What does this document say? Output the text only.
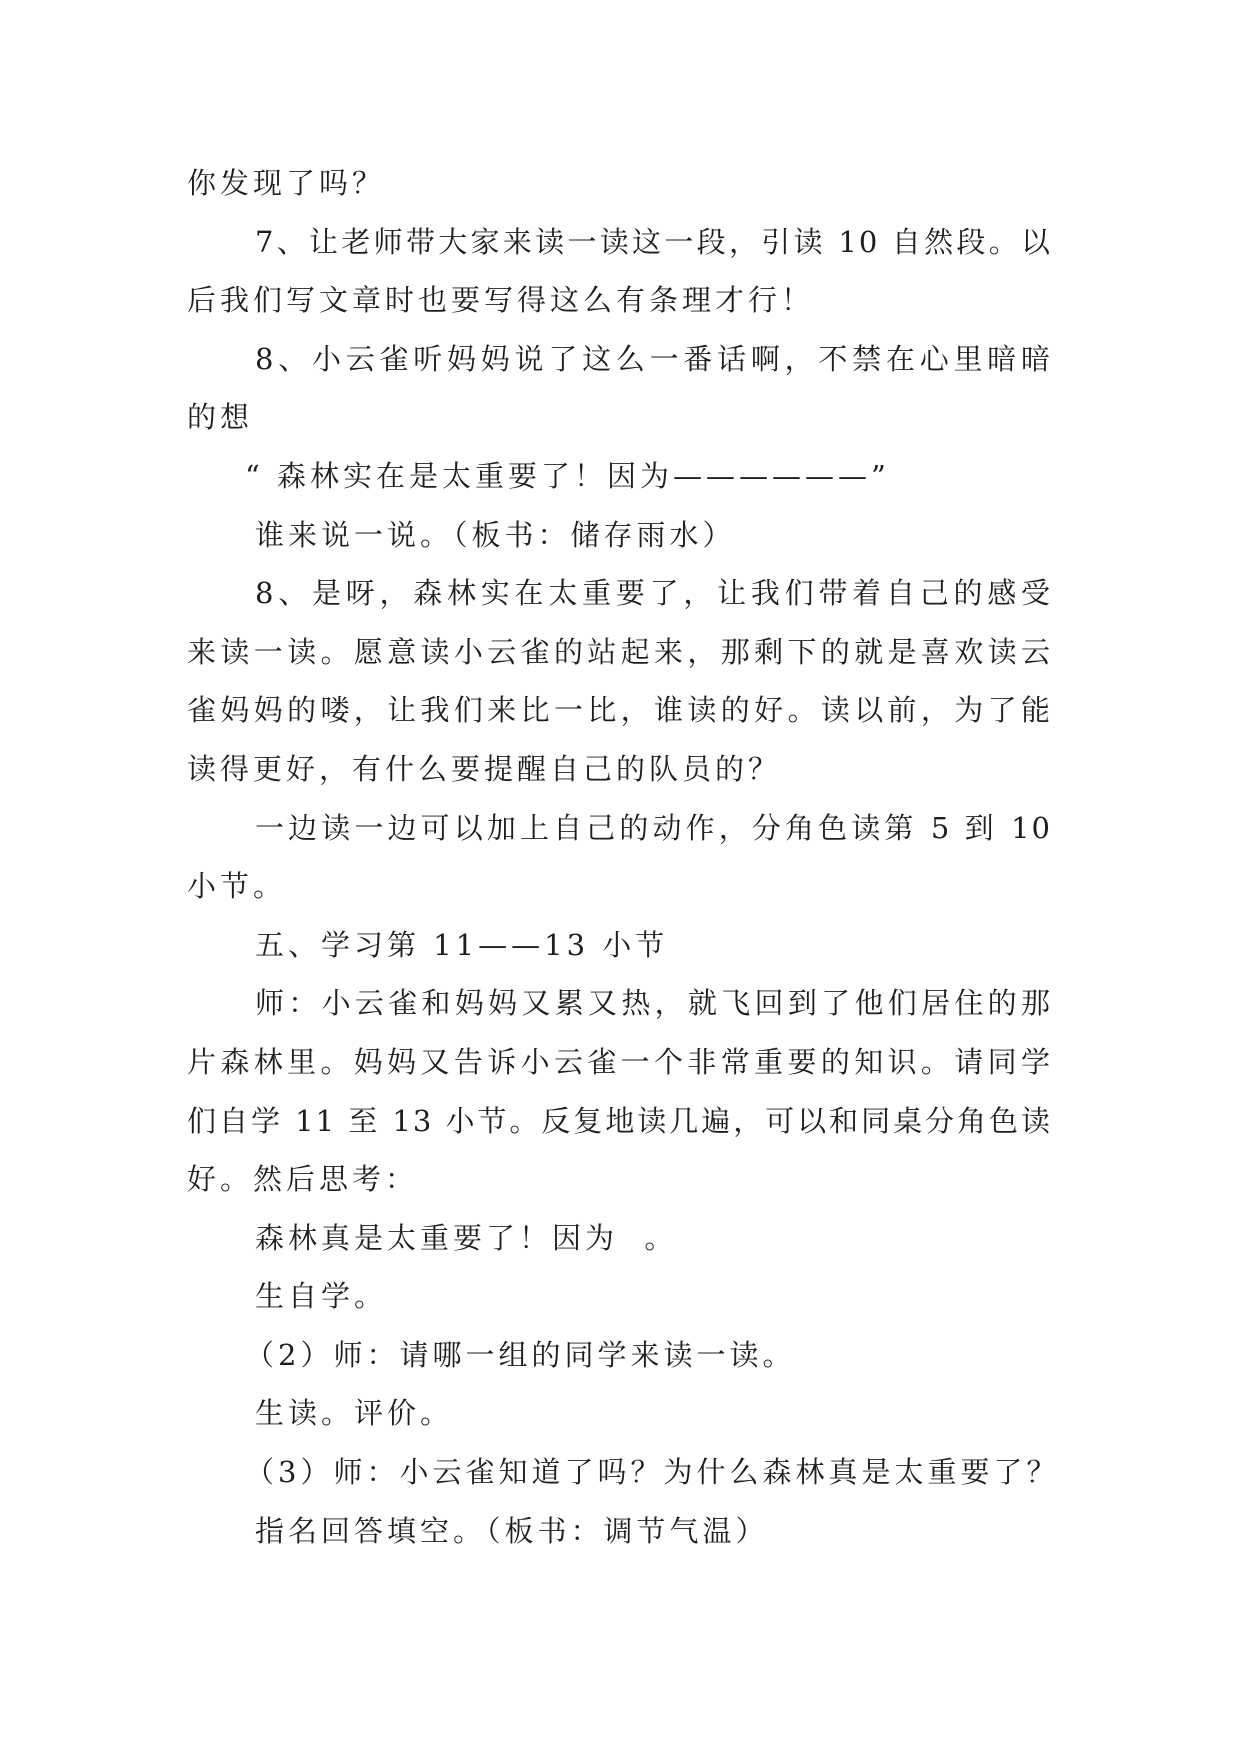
你发现了吗？
7、让老师带大家来读一读这一段，引读 10 自然段。以
后我们写文章时也要写得这么有条理才行！
8、小云雀听妈妈说了这么一番话啊，不禁在心里暗暗
的想
“ 森林实在是太重要了！因为——————”
谁来说一说。（板书：储存雨水）
8、是呀，森林实在太重要了，让我们带着自己的感受
来读一读。愿意读小云雀的站起来，那剩下的就是喜欢读云
雀妈妈的喽，让我们来比一比，谁读的好。读以前，为了能
读得更好，有什么要提醒自己的队员的？
一边读一边可以加上自己的动作，分角色读第 5 到 10
小节。
五、学习第 11——13 小节
师：小云雀和妈妈又累又热，就飞回到了他们居住的那
片森林里。妈妈又告诉小云雀一个非常重要的知识。请同学
们自学 11 至 13 小节。反复地读几遍，可以和同桌分角色读
好。然后思考：
森林真是太重要了！因为  。
生自学。
（2）师：请哪一组的同学来读一读。
生读。评价。
（3）师：小云雀知道了吗？为什么森林真是太重要了？
指名回答填空。（板书：调节气温）
